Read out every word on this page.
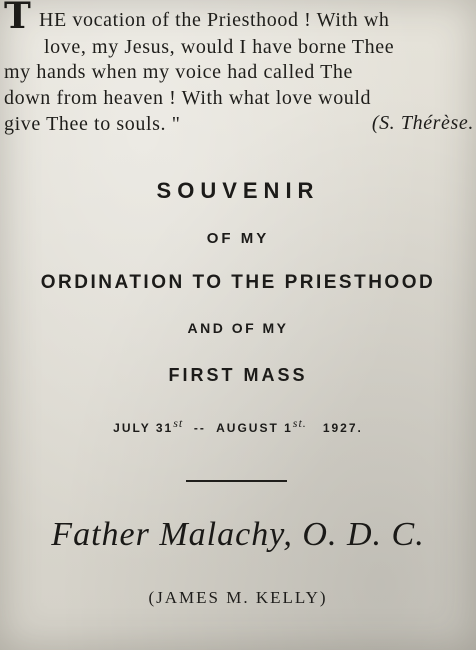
T HE vocation of the Priesthood ! With wh
love, my Jesus, would I have borne Thee
my hands when my voice had called The
down from heaven ! With what love would
give Thee to souls. "	(S. Thérèse.
SOUVENIR
OF MY
ORDINATION TO THE PRIESTHOOD
AND OF MY
FIRST MASS
JULY 31st -- AUGUST $1^{st.}$ 1927.
Father Malachy, O. D. C.
(JAMES M. KELLY)
